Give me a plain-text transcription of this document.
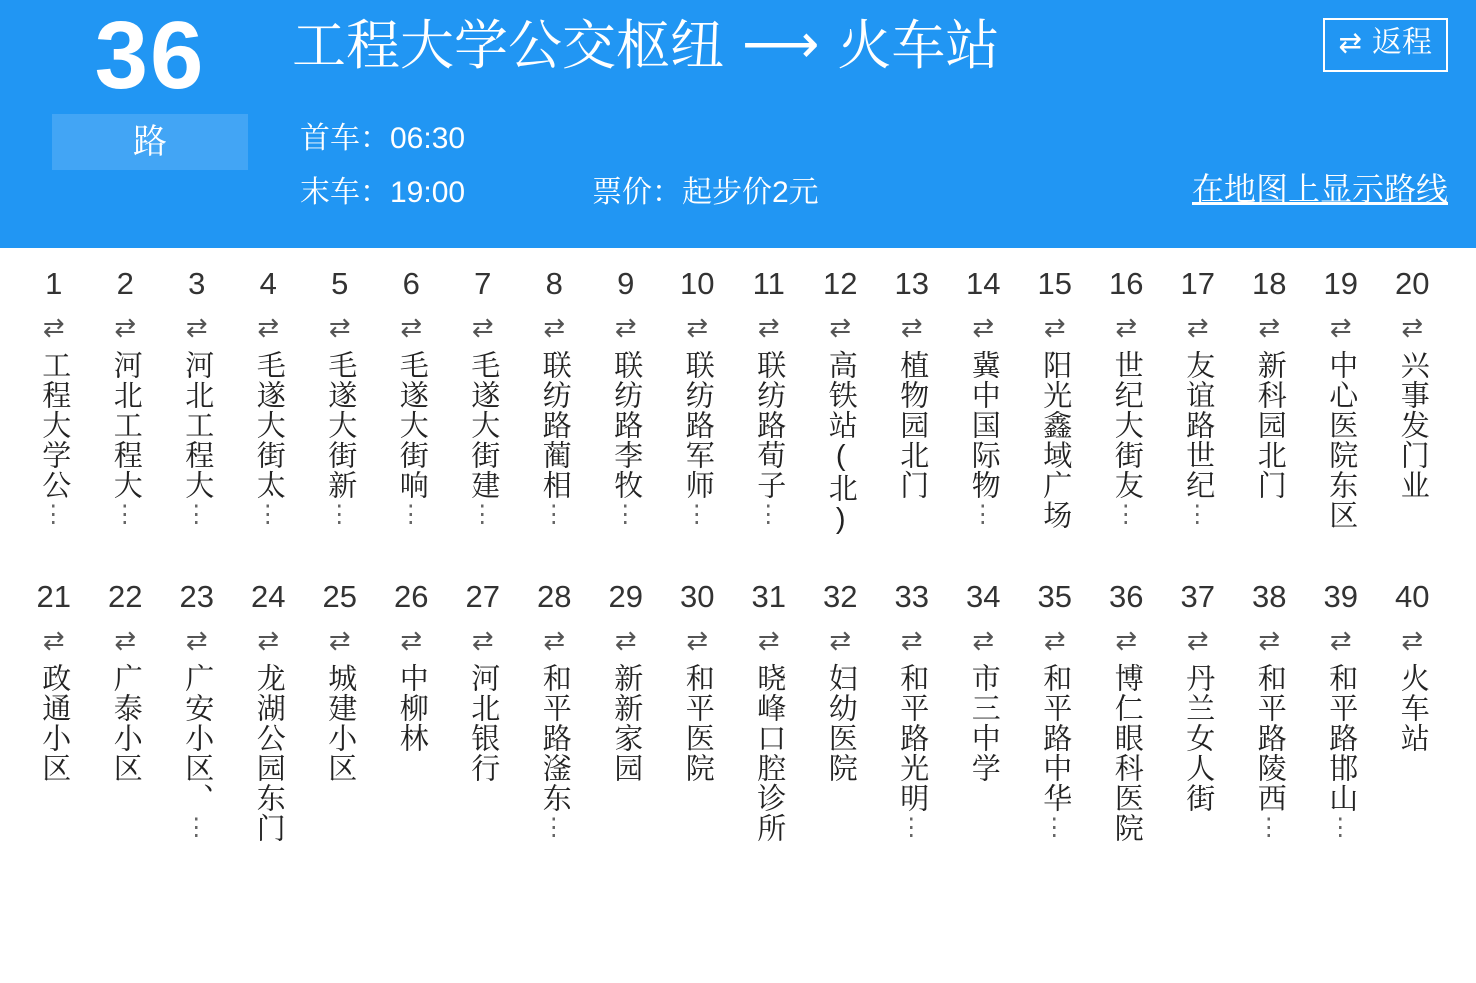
36
路
工程大学公交枢纽 ⟶ 火车站	⇄ 返程
首车：06:30
末车：19:00	票价：起步价2元	在地图上显示路线
1
⇄
工程大学公
⋮
2
⇄
河北工程大
⋮
3
⇄
河北工程大
⋮
4
⇄
毛遂大街太
⋮
5
⇄
毛遂大街新
⋮
6
⇄
毛遂大街响
⋮
7
⇄
毛遂大街建
⋮
8
⇄
联纺路蔺相
⋮
9
⇄
联纺路李牧
⋮
10
⇄
联纺路军师
⋮
11
⇄
联纺路荀子
⋮
12
⇄
高铁站(北)
13
⇄
植物园北门
14
⇄
冀中国际物
⋮
15
⇄
阳光鑫域广场
16
⇄
世纪大街友
⋮
17
⇄
友谊路世纪
⋮
18
⇄
新科园北门
19
⇄
中心医院东区
20
⇄
兴事发门业
21
⇄
政通小区
22
⇄
广泰小区
23
⇄
广安小区、
⋮
24
⇄
龙湖公园东门
25
⇄
城建小区
26
⇄
中柳林
27
⇄
河北银行
28
⇄
和平路滏东
⋮
29
⇄
新新家园
30
⇄
和平医院
31
⇄
晓峰口腔诊所
32
⇄
妇幼医院
33
⇄
和平路光明
⋮
34
⇄
市三中学
35
⇄
和平路中华
⋮
36
⇄
博仁眼科医院
37
⇄
丹兰女人街
38
⇄
和平路陵西
⋮
39
⇄
和平路邯山
⋮
40
⇄
火车站
